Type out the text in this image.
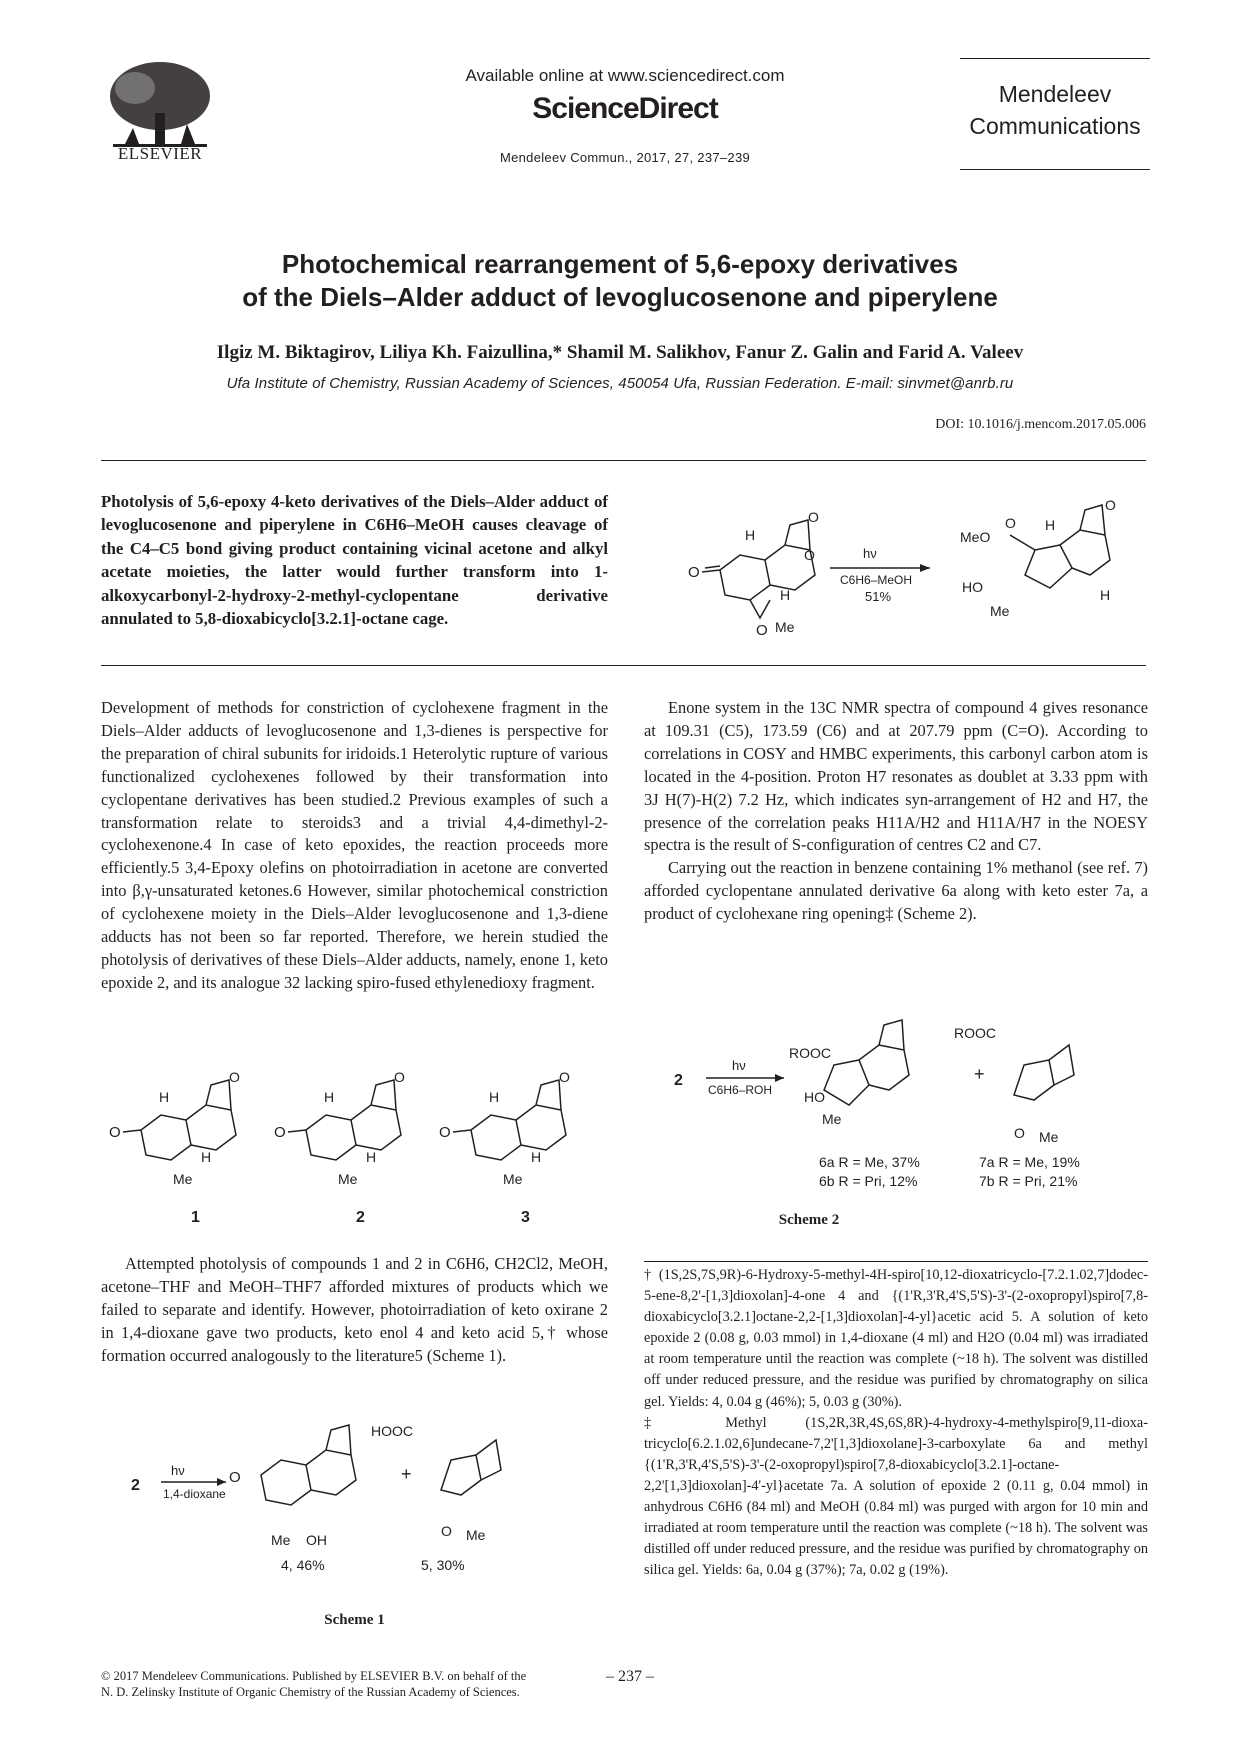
ELSEVIER
Available online at www.sciencedirect.com
ScienceDirect
Mendeleev Commun., 2017, 27, 237–239
Mendeleev
Communications
Photochemical rearrangement of 5,6-epoxy derivatives
of the Diels–Alder adduct of levoglucosenone and piperylene
Ilgiz M. Biktagirov, Liliya Kh. Faizullina,* Shamil M. Salikhov, Fanur Z. Galin and Farid A. Valeev
Ufa Institute of Chemistry, Russian Academy of Sciences, 450054 Ufa, Russian Federation. E-mail: sinvmet@anrb.ru
DOI: 10.1016/j.mencom.2017.05.006
Photolysis of 5,6-epoxy 4-keto derivatives of the Diels–Alder adduct of levoglucosenone and piperylene in C6H6–MeOH causes cleavage of the C4–C5 bond giving product containing vicinal acetone and alkyl acetate moieties, the latter would further transform into 1-alkoxycarbonyl-2-hydroxy-2-methyl-cyclopentane derivative annulated to 5,8-dioxabicyclo[3.2.1]-octane cage.
O
O Me
H
H
O
O	hν
C6H6–MeOH
51%
MeO
O
HO
Me
H
H
O

Development of methods for constriction of cyclohexene fragment in the Diels–Alder adducts of levoglucosenone and 1,3-dienes is perspective for the preparation of chiral subunits for iridoids.1 Heterolytic rupture of various functionalized cyclohexenes followed by their transformation into cyclopentane derivatives has been studied.2 Previous examples of such a transformation relate to steroids3 and a trivial 4,4-dimethyl-2-cyclohexenone.4 In case of keto epoxides, the reaction proceeds more efficiently.5 3,4-Epoxy olefins on photoirradiation in acetone are converted into β,γ-unsaturated ketones.6 However, similar photochemical constriction of cyclohexene moiety in the Diels–Alder levoglucosenone and 1,3-diene adducts has not been so far reported. Therefore, we herein studied the photolysis of derivatives of these Diels–Alder adducts, namely, enone 1, keto epoxide 2, and its analogue 32 lacking spiro-fused ethylenedioxy fragment.

O
H
H
O
Me
1	2	3

Attempted photolysis of compounds 1 and 2 in C6H6, CH2Cl2, MeOH, acetone–THF and MeOH–THF7 afforded mixtures of products which we failed to separate and identify. However, photoirradiation of keto oxirane 2 in 1,4-dioxane gave two products, keto enol 4 and keto acid 5,† whose formation occurred analogously to the literature5 (Scheme 1).

2
hν
1,4-dioxane
O
Me OH
+
HOOC
O Me
4, 46%	5, 30%
Scheme 1

Enone system in the 13C NMR spectra of compound 4 gives resonance at 109.31 (C5), 173.59 (C6) and at 207.79 ppm (C=O). According to correlations in COSY and HMBC experiments, this carbonyl carbon atom is located in the 4-position. Proton H7 resonates as doublet at 3.33 ppm with 3J H(7)-H(2) 7.2 Hz, which indicates syn-arrangement of H2 and H7, the presence of the correlation peaks H11A/H2 and H11A/H7 in the NOESY spectra is the result of S-configuration of centres C2 and C7.

Carrying out the reaction in benzene containing 1% methanol (see ref. 7) afforded cyclopentane annulated derivative 6a along with keto ester 7a, a product of cyclohexane ring opening‡ (Scheme 2).

2
hν
C6H6–ROH
ROOC
HO
Me
+
ROOC
O Me
6a R = Me, 37%
6b R = Pri, 12%
7a R = Me, 19%
7b R = Pri, 21%
Scheme 2

† (1S,2S,7S,9R)-6-Hydroxy-5-methyl-4H-spiro[10,12-dioxatricyclo-[7.2.1.02,7]dodec-5-ene-8,2'-[1,3]dioxolan]-4-one 4 and {(1'R,3'R,4'S,5'S)-3'-(2-oxopropyl)spiro[7,8-dioxabicyclo[3.2.1]octane-2,2-[1,3]dioxolan]-4-yl}acetic acid 5. A solution of keto epoxide 2 (0.08 g, 0.03 mmol) in 1,4-dioxane (4 ml) and H2O (0.04 ml) was irradiated at room temperature until the reaction was complete (~18 h). The solvent was distilled off under reduced pressure, and the residue was purified by chromatography on silica gel. Yields: 4, 0.04 g (46%); 5, 0.03 g (30%).

‡ Methyl (1S,2R,3R,4S,6S,8R)-4-hydroxy-4-methylspiro[9,11-dioxa-tricyclo[6.2.1.02,6]undecane-7,2'[1,3]dioxolane]-3-carboxylate 6a and methyl {(1'R,3'R,4'S,5'S)-3'-(2-oxopropyl)spiro[7,8-dioxabicyclo[3.2.1]-octane-2,2'[1,3]dioxolan]-4'-yl}acetate 7a. A solution of epoxide 2 (0.11 g, 0.04 mmol) in anhydrous C6H6 (84 ml) and MeOH (0.84 ml) was purged with argon for 10 min and irradiated at room temperature until the reaction was complete (~18 h). The solvent was distilled off under reduced pressure, and the residue was purified by chromatography on silica gel. Yields: 6a, 0.04 g (37%); 7a, 0.02 g (19%).

© 2017 Mendeleev Communications. Published by ELSEVIER B.V. on behalf of the N. D. Zelinsky Institute of Organic Chemistry of the Russian Academy of Sciences.
– 237 –
